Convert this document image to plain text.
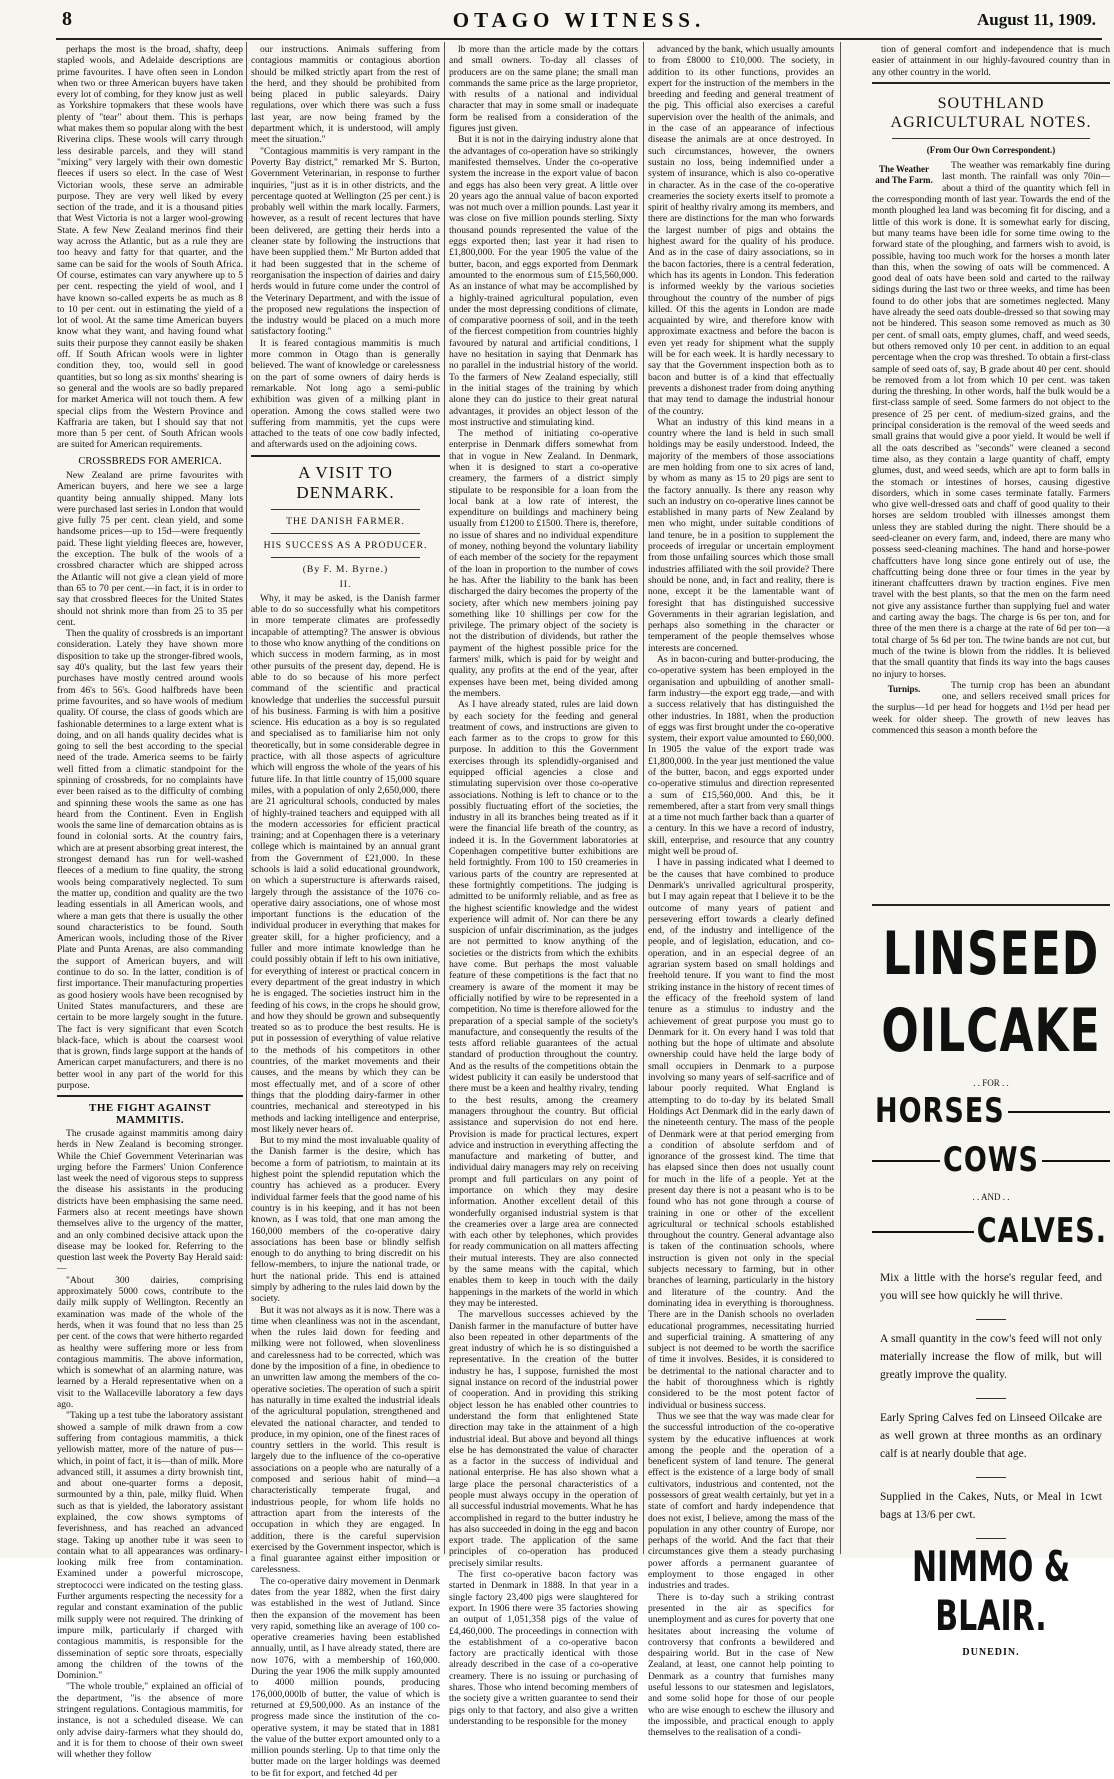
8	OTAGO WITNESS.	August 11, 1909.

perhaps the most is the broad, shafty, deep stapled wools, and Adelaide descriptions are prime favourites. I have often seen in London when two or three American buyers have taken every lot of combing, for they know just as well as Yorkshire topmakers that these wools have plenty of "tear" about them. This is perhaps what makes them so popular along with the best Riverina clips. These wools will carry through less desirable parcels, and they will stand "mixing" very largely with their own domestic fleeces if users so elect. In the case of West Victorian wools, these serve an admirable purpose. They are very well liked by every section of the trade, and it is a thousand pities that West Victoria is not a larger wool-growing State. A few New Zealand merinos find their way across the Atlantic, but as a rule they are too heavy and fatty for that quarter, and the same can be said for the wools of South Africa. Of course, estimates can vary anywhere up to 5 per cent. respecting the yield of wool, and I have known so-called experts be as much as 8 to 10 per cent. out in estimating the yield of a lot of wool. At the same time American buyers know what they want, and having found what suits their purpose they cannot easily be shaken off. If South African wools were in lighter condition they, too, would sell in good quantities, but so long as six months' shearing is so general and the wools are so badly prepared for market America will not touch them. A few special clips from the Western Province and Kaffraria are taken, but I should say that not more than 5 per cent. of South African wools are suited for American requirements.

CROSSBREDS FOR AMERICA.

New Zealand are prime favourites with American buyers, and here we see a large quantity being annually shipped. Many lots were purchased last series in London that would give fully 75 per cent. clean yield, and some handsome prices—up to 15d—were frequently paid. These light yielding fleeces are, however, the exception. The bulk of the wools of a crossbred character which are shipped across the Atlantic will not give a clean yield of more than 65 to 70 per cent.—in fact, it is in order to say that crossbred fleeces for the United States should not shrink more than from 25 to 35 per cent.

Then the quality of crossbreds is an important consideration. Lately they have shown more disposition to take up the stronger-fibred wools, say 40's quality, but the last few years their purchases have mostly centred around wools from 46's to 56's. Good halfbreds have been prime favourites, and so have wools of medium quality. Of course, the class of goods which are fashionable determines to a large extent what is doing, and on all hands quality decides what is going to sell the best according to the special need of the trade. America seems to be fairly well fitted from a climatic standpoint for the spinning of crossbreds, for no complaints have ever been raised as to the difficulty of combing and spinning these wools the same as one has heard from the Continent. Even in English wools the same line of demarcation obtains as is found in colonial sorts. At the country fairs, which are at present absorbing great interest, the strongest demand has run for well-washed fleeces of a medium to fine quality, the strong wools being comparatively neglected. To sum the matter up, condition and quality are the two leading essentials in all American wools, and where a man gets that there is usually the other sound characteristics to be found. South American wools, including those of the River Plate and Punta Arenas, are also commanding the support of American buyers, and will continue to do so. In the latter, condition is of first importance. Their manufacturing properties as good hosiery wools have been recognised by United States manufacturers, and these are certain to be more largely sought in the future. The fact is very significant that even Scotch black-face, which is about the coarsest wool that is grown, finds large support at the hands of American carpet manufacturers, and there is no better wool in any part of the world for this purpose.

THE FIGHT AGAINST MAMMITIS.

The crusade against mammitis among dairy herds in New Zealand is becoming stronger. While the Chief Government Veterinarian was urging before the Farmers' Union Conference last week the need of vigorous steps to suppress the disease his assistants in the producing districts have been emphasising the same need. Farmers also at recent meetings have shown themselves alive to the urgency of the matter, and an only combined decisive attack upon the disease may be looked for. Referring to the question last week the Poverty Bay Herald said:—

"About 300 dairies, comprising approximately 5000 cows, contribute to the daily milk supply of Wellington. Recently an examination was made of the whole of the herds, when it was found that no less than 25 per cent. of the cows that were hitherto regarded as healthy were suffering more or less from contagious mammitis. The above information, which is somewhat of an alarming nature, was learned by a Herald representative when on a visit to the Wallaceville laboratory a few days ago.

"Taking up a test tube the laboratory assistant showed a sample of milk drawn from a cow suffering from contagious mammitis, a thick yellowish matter, more of the nature of pus—which, in point of fact, it is—than of milk. More advanced still, it assumes a dirty brownish tint, and about one-quarter forms a deposit, surmounted by a thin, pale, milky fluid. When such as that is yielded, the laboratory assistant explained, the cow shows symptoms of feverishness, and has reached an advanced stage. Taking up another tube it was seen to contain what to all appearances was ordinary-looking milk free from contamination. Examined under a powerful microscope, streptococci were indicated on the testing glass. Further arguments respecting the necessity for a regular and constant examination of the public milk supply were not required. The drinking of impure milk, particularly if charged with contagious mammitis, is responsible for the dissemination of septic sore throats, especially among the children of the towns of the Dominion."

"The whole trouble," explained an official of the department, "is the absence of more stringent regulations. Contagious mammitis, for instance, is not a scheduled disease. We can only advise dairy-farmers what they should do, and it is for them to choose of their own sweet will whether they follow

our instructions. Animals suffering from contagious mammitis or contagious abortion should be milked strictly apart from the rest of the herd, and they should be prohibited from being placed in public saleyards. Dairy regulations, over which there was such a fuss last year, are now being framed by the department which, it is understood, will amply meet the situation."

"Contagious mammitis is very rampant in the Poverty Bay district," remarked Mr S. Burton, Government Veterinarian, in response to further inquiries, "just as it is in other districts, and the percentage quoted at Wellington (25 per cent.) is probably well within the mark locally. Farmers, however, as a result of recent lectures that have been delivered, are getting their herds into a cleaner state by following the instructions that have been supplied them." Mr Burton added that it had been suggested that in the scheme of reorganisation the inspection of dairies and dairy herds would in future come under the control of the Veterinary Department, and with the issue of the proposed new regulations the inspection of the industry would be placed on a much more satisfactory footing."

It is feared contagious mammitis is much more common in Otago than is generally believed. The want of knowledge or carelessness on the part of some owners of dairy herds is remarkable. Not long ago a semi-public exhibition was given of a milking plant in operation. Among the cows stalled were two suffering from mammitis, yet the cups were attached to the teats of one cow badly infected, and afterwards used on the adjoining cows.

A VISIT TO DENMARK.

THE DANISH FARMER.

HIS SUCCESS AS A PRODUCER.

(By F. M. Byrne.)

II.

Why, it may be asked, is the Danish farmer able to do so successfully what his competitors in more temperate climates are professedly incapable of attempting? The answer is obvious to those who know anything of the conditions on which success in modern farming, as in most other pursuits of the present day, depend. He is able to do so because of his more perfect command of the scientific and practical knowledge that underlies the successful pursuit of his business. Farming is with him a positive science. His education as a boy is so regulated and specialised as to familiarise him not only theoretically, but in some considerable degree in practice, with all those aspects of agriculture which will engross the whole of the years of his future life. In that little country of 15,000 square miles, with a population of only 2,650,000, there are 21 agricultural schools, conducted by males of highly-trained teachers and equipped with all the modern accessories for efficient practical training; and at Copenhagen there is a veterinary college which is maintained by an annual grant from the Government of £21,000. In these schools is laid a solid educational groundwork, on which a superstructure is afterwards raised, largely through the assistance of the 1076 co-operative dairy associations, one of whose most important functions is the education of the individual producer in everything that makes for greater skill, for a higher proficiency, and a fuller and more intimate knowledge than he could possibly obtain if left to his own initiative, for everything of interest or practical concern in every department of the great industry in which he is engaged. The societies instruct him in the feeding of his cows, in the crops he should grow, and how they should be grown and subsequently treated so as to produce the best results. He is put in possession of everything of value relative to the methods of his competitors in other countries, of the market movements and their causes, and the means by which they can be most effectually met, and of a score of other things that the plodding dairy-farmer in other countries, mechanical and stereotyped in his methods and lacking intelligence and enterprise, most likely never hears of.

But to my mind the most invaluable quality of the Danish farmer is the desire, which has become a form of patriotism, to maintain at its highest point the splendid reputation which the country has achieved as a producer. Every individual farmer feels that the good name of his country is in his keeping, and it has not been known, as I was told, that one man among the 160,000 members of the co-operative dairy associations has been base or blindly selfish enough to do anything to bring discredit on his fellow-members, to injure the national trade, or hurt the national pride. This end is attained simply by adhering to the rules laid down by the society.

But it was not always as it is now. There was a time when cleanliness was not in the ascendant, when the rules laid down for feeding and milking were not followed, when slovenliness and carelessness had to be corrected, which was done by the imposition of a fine, in obedience to an unwritten law among the members of the co-operative societies. The operation of such a spirit has naturally in time exalted the industrial ideals of the agricultural population, strengthened and elevated the national character, and tended to produce, in my opinion, one of the finest races of country settlers in the world. This result is largely due to the influence of the co-operative associations on a people who are naturally of a composed and serious habit of mind—a characteristically temperate frugal, and industrious people, for whom life holds no attraction apart from the interests of the occupation in which they are engaged. In addition, there is the careful supervision exercised by the Government inspector, which is a final guarantee against either imposition or carelessness.

The co-operative dairy movement in Denmark dates from the year 1882, when the first dairy was established in the west of Jutland. Since then the expansion of the movement has been very rapid, something like an average of 100 co-operative creameries having been established annually, until, as I have already stated, there are now 1076, with a membership of 160,000. During the year 1906 the milk supply amounted to 4000 million pounds, producing 176,000,000lb of butter, the value of which is returned at £9,500,000. As an instance of the progress made since the institution of the co-operative system, it may be stated that in 1881 the value of the butter export amounted only to a million pounds sterling. Up to that time only the butter made on the larger holdings was deemed to be fit for export, and fetched 4d per

lb more than the article made by the cottars and small owners. To-day all classes of producers are on the same plane; the small man commands the same price as the large proprietor, with results of a national and individual character that may in some small or inadequate form be realised from a consideration of the figures just given.

But it is not in the dairying industry alone that the advantages of co-operation have so strikingly manifested themselves. Under the co-operative system the increase in the export value of bacon and eggs has also been very great. A little over 20 years ago the annual value of bacon exported was not much over a million pounds. Last year it was close on five million pounds sterling. Sixty thousand pounds represented the value of the eggs exported then; last year it had risen to £1,800,000. For the year 1905 the value of the butter, bacon, and eggs exported from Denmark amounted to the enormous sum of £15,560,000. As an instance of what may be accomplished by a highly-trained agricultural population, even under the most depressing conditions of climate, of comparative poorness of soil, and in the teeth of the fiercest competition from countries highly favoured by natural and artificial conditions, I have no hesitation in saying that Denmark has no parallel in the industrial history of the world. To the farmers of New Zealand especially, still in the initial stages of the training by which alone they can do justice to their great natural advantages, it provides an object lesson of the most instructive and stimulating kind.

The method of initiating co-operative enterprise in Denmark differs somewhat from that in vogue in New Zealand. In Denmark, when it is designed to start a co-operative creamery, the farmers of a district simply stipulate to be responsible for a loan from the local bank at a low rate of interest, the expenditure on buildings and machinery being usually from £1200 to £1500. There is, therefore, no issue of shares and no individual expenditure of money, nothing beyond the voluntary liability of each member of the society for the repayment of the loan in proportion to the number of cows he has. After the liability to the bank has been discharged the dairy becomes the property of the society, after which new members joining pay something like 10 shillings per cow for the privilege. The primary object of the society is not the distribution of dividends, but rather the payment of the highest possible price for the farmers' milk, which is paid for by weight and quality, any profits at the end of the year, after expenses have been met, being divided among the members.

As I have already stated, rules are laid down by each society for the feeding and general treatment of cows, and instructions are given to each farmer as to the crops to grow for this purpose. In addition to this the Government exercises through its splendidly-organised and equipped official agencies a close and stimulating supervision over those co-operative associations. Nothing is left to chance or to the possibly fluctuating effort of the societies, the industry in all its branches being treated as if it were the financial life breath of the country, as indeed it is. In the Government laboratories at Copenhagen competitive butter exhibitions are held fortnightly. From 100 to 150 creameries in various parts of the country are represented at these fortnightly competitions. The judging is admitted to be uniformly reliable, and as free as the highest scientific knowledge and the widest experience will admit of. Nor can there be any suspicion of unfair discrimination, as the judges are not permitted to know anything of the societies or the districts from which the exhibits have come. But perhaps the most valuable feature of these competitions is the fact that no creamery is aware of the moment it may be officially notified by wire to be represented in a competition. No time is therefore allowed for the preparation of a special sample of the society's manufacture, and consequently the results of the tests afford reliable guarantees of the actual standard of production throughout the country. And as the results of the competitions obtain the widest publicity it can easily be understood that there must be a keen and healthy rivalry, tending to the best results, among the creamery managers throughout the country. But official assistance and supervision do not end here. Provision is made for practical lectures, expert advice and instruction in everything affecting the manufacture and marketing of butter, and individual dairy managers may rely on receiving prompt and full particulars on any point of importance on which they may desire information. Another excellent detail of this wonderfully organised industrial system is that the creameries over a large area are connected with each other by telephones, which provides for ready communication on all matters affecting their mutual interests. They are also connected by the same means with the capital, which enables them to keep in touch with the daily happenings in the markets of the world in which they may be interested.

The marvellous successes achieved by the Danish farmer in the manufacture of butter have also been repeated in other departments of the great industry of which he is so distinguished a representative. In the creation of the butter industry he has, I suppose, furnished the most signal instance on record of the industrial power of cooperation. And in providing this striking object lesson he has enabled other countries to understand the form that enlightened State direction may take in the attainment of a high industrial ideal. But above and beyond all things else he has demonstrated the value of character as a factor in the success of individual and national enterprise. He has also shown what a large place the personal characteristics of a people must always occupy in the operation of all successful industrial movements. What he has accomplished in regard to the butter industry he has also succeeded in doing in the egg and bacon export trade. The application of the same principles of co-operation has produced precisely similar results.

The first co-operative bacon factory was started in Denmark in 1888. In that year in a single factory 23,400 pigs were slaughtered for export. In 1906 there were 35 factories showing an output of 1,051,358 pigs of the value of £4,460,000. The proceedings in connection with the establishment of a co-operative bacon factory are practically identical with those already described in the case of a co-operative creamery. There is no issuing or purchasing of shares. Those who intend becoming members of the society give a written guarantee to send their pigs only to that factory, and also give a written understanding to be responsible for the money

advanced by the bank, which usually amounts to from £8000 to £10,000. The society, in addition to its other functions, provides an expert for the instruction of the members in the breeding and feeding and general treatment of the pig. This official also exercises a careful supervision over the health of the animals, and in the case of an appearance of infectious disease the animals are at once destroyed. In such circumstances, however, the owners sustain no loss, being indemnified under a system of insurance, which is also co-operative in character. As in the case of the co-operative creameries the society exerts itself to promote a spirit of healthy rivalry among its members, and there are distinctions for the man who forwards the largest number of pigs and obtains the highest award for the quality of his produce. And as in the case of dairy associations, so in the bacon factories, there is a central federation, which has its agents in London. This federation is informed weekly by the various societies throughout the country of the number of pigs killed. Of this the agents in London are made acquainted by wire, and therefore know with approximate exactness and before the bacon is even yet ready for shipment what the supply will be for each week. It is hardly necessary to say that the Government inspection both as to bacon and butter is of a kind that effectually prevents a dishonest trader from doing anything that may tend to damage the industrial honour of the country.

What an industry of this kind means in a country where the land is held in such small holdings may be easily understood. Indeed, the majority of the members of those associations are men holding from one to six acres of land, by whom as many as 15 to 20 pigs are sent to the factory annually. Is there any reason why such an industry on co-operative lines cannot be established in many parts of New Zealand by men who might, under suitable conditions of land tenure, be in a position to supplement the proceeds of irregular or uncertain employment from those unfailing sources which those small industries affiliated with the soil provide? There should be none, and, in fact and reality, there is none, except it be the lamentable want of foresight that has distinguished successive Governments in their agrarian legislation, and perhaps also something in the character or temperament of the people themselves whose interests are concerned.

As in bacon-curing and butter-producing, the co-operative system has been employed in the organisation and upbuilding of another small-farm industry—the export egg trade,—and with a success relatively that has distinguished the other industries. In 1881, when the production of eggs was first brought under the co-operative system, their export value amounted to £60,000. In 1905 the value of the export trade was £1,800,000. In the year just mentioned the value of the butter, bacon, and eggs exported under co-operative stimulus and direction represented a sum of £15,560,000. And this, be it remembered, after a start from very small things at a time not much farther back than a quarter of a century. In this we have a record of industry, skill, enterprise, and resource that any country might well be proud of.

I have in passing indicated what I deemed to be the causes that have combined to produce Denmark's unrivalled agricultural prosperity, but I may again repeat that I believe it to be the outcome of many years of patient and persevering effort towards a clearly defined end, of the industry and intelligence of the people, and of legislation, education, and co-operation, and in an especial degree of an agrarian system based on small holdings and freehold tenure. If you want to find the most striking instance in the history of recent times of the efficacy of the freehold system of land tenure as a stimulus to industry and the achievement of great purpose you must go to Denmark for it. On every hand I was told that nothing but the hope of ultimate and absolute ownership could have held the large body of small occupiers in Denmark to a purpose involving so many years of self-sacrifice and of labour poorly requited. What England is attempting to do to-day by its belated Small Holdings Act Denmark did in the early dawn of the nineteenth century. The mass of the people of Denmark were at that period emerging from a condition of absolute serfdom and of ignorance of the grossest kind. The time that has elapsed since then does not usually count for much in the life of a people. Yet at the present day there is not a peasant who is to be found who has not gone through a course of training in one or other of the excellent agricultural or technical schools established throughout the country. General advantage also is taken of the continuation schools, where instruction is given not only in the special subjects necessary to farming, but in other branches of learning, particularly in the history and literature of the country. And the dominating idea in everything is thoroughness. There are in the Danish schools no overladen educational programmes, necessitating hurried and superficial training. A smattering of any subject is not deemed to be worth the sacrifice of time it involves. Besides, it is considered to be detrimental to the national character and to the habit of thoroughness which is rightly considered to be the most potent factor of individual or business success.

Thus we see that the way was made clear for the successful introduction of the co-operative system by the educative influences at work among the people and the operation of a beneficent system of land tenure. The general effect is the existence of a large body of small cultivators, industrious and contented, not the possessors of great wealth certainly, but yet in a state of comfort and hardy independence that does not exist, I believe, among the mass of the population in any other country of Europe, nor perhaps of the world. And the fact that their circumstances give them a steady purchasing power affords a permanent guarantee of employment to those engaged in other industries and trades.

There is to-day such a striking contrast presented in the air as specifics for unemployment and as cures for poverty that one hesitates about increasing the volume of controversy that confronts a bewildered and despairing world. But in the case of New Zealand, at least, one cannot help pointing to Denmark as a country that furnishes many useful lessons to our statesmen and legislators, and some solid hope for those of our people who are wise enough to eschew the illusory and the impossible, and practical enough to apply themselves to the realisation of a condi-

tion of general comfort and independence that is much easier of attainment in our highly-favoured country than in any other country in the world.

SOUTHLAND AGRICULTURAL NOTES.
(From Our Own Correspondent.)
The Weather and The Farm.

The weather was remarkably fine during last month. The rainfall was only 70in—about a third of the quantity which fell in the corresponding month of last year. Towards the end of the month ploughed lea land was becoming fit for discing, and a little of this work is done. It is somewhat early for discing, but many teams have been idle for some time owing to the forward state of the ploughing, and farmers wish to avoid, is possible, having too much work for the horses a month later than this, when the sowing of oats will be commenced. A good deal of oats have been sold and carted to the railway sidings during the last two or three weeks, and time has been found to do other jobs that are sometimes neglected. Many have already the seed oats double-dressed so that sowing may not be hindered. This season some removed as much as 30 per cent. of small oats, empty glumes, chaff, and weed seeds, but others removed only 10 per cent. in addition to an equal percentage when the crop was threshed. To obtain a first-class sample of seed oats of, say, B grade about 40 per cent. should be removed from a lot from which 10 per cent. was taken during the threshing. In other words, half the bulk would be a first-class sample of seed. Some farmers do not object to the presence of 25 per cent. of medium-sized grains, and the principal consideration is the removal of the weed seeds and small grains that would give a poor yield. It would be well if all the oats described as "seconds" were cleaned a second time also, as they contain a large quantity of chaff, empty glumes, dust, and weed seeds, which are apt to form balls in the stomach or intestines of horses, causing digestive disorders, which in some cases terminate fatally. Farmers who give well-dressed oats and chaff of good quality to their horses are seldom troubled with illnesses amongst them unless they are stabled during the night. There should be a seed-cleaner on every farm, and, indeed, there are many who possess seed-cleaning machines. The hand and horse-power chaffcutters have long since gone entirely out of use, the chaffcutting being done three or four times in the year by itinerant chaffcutters drawn by traction engines. Five men travel with the best plants, so that the men on the farm need not give any assistance further than supplying fuel and water and carting away the bags. The charge is 6s per ton, and for three of the men there is a charge at the rate of 6d per ton—a total charge of 5s 6d per ton. The twine bands are not cut, but much of the twine is blown from the riddles. It is believed that the small quantity that finds its way into the bags causes no injury to horses.

Turnips.	The turnip crop has been an abundant one, and sellers received small prices for the surplus—1d per head for hoggets and 1½d per head per week for older sheep. The growth of new leaves has commenced this season a month before the

LINSEED
OILCAKE
. . FOR . .
HORSES
COWS
. . AND . .
CALVES.
Mix a little with the horse's regular feed, and you will see how quickly he will thrive.
A small quantity in the cow's feed will not only materially increase the flow of milk, but will greatly improve the quality.
Early Spring Calves fed on Linseed Oilcake are as well grown at three months as an ordinary calf is at nearly double that age.
Supplied in the Cakes, Nuts, or Meal in 1cwt bags at 13/6 per cwt.
NIMMO & BLAIR.
DUNEDIN.
